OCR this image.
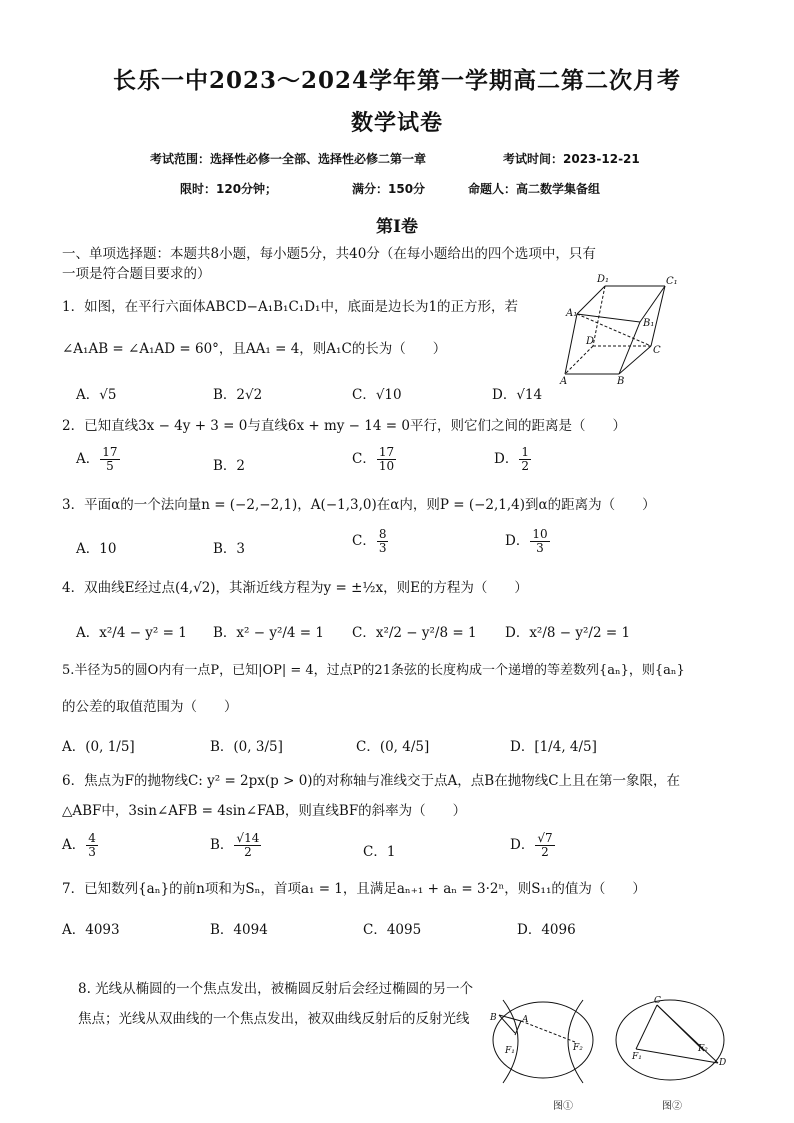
长乐一中2023～2024学年第一学期高二第二次月考
数学试卷
考试范围：选择性必修一全部、选择性必修二第一章	考试时间：2023-12-21
限时：120分钟；	满分：150分	命题人：高二数学集备组
第Ⅰ卷
一、单项选择题：本题共8小题，每小题5分，共40分（在每小题给出的四个选项中，只有
一项是符合题目要求的）
1．如图，在平行六面体ABCD−A₁B₁C₁D₁中，底面是边长为1的正方形，若
∠A₁AB = ∠A₁AD = 60°，且AA₁ = 4，则A₁C的长为（　　）
A．√5	B．2√2	C．√10	D．√14
D₁	C₁
A₁
B₁
D
C
A	B
2．已知直线3x − 4y + 3 = 0与直线6x + my − 14 = 0平行，则它们之间的距离是（　　）
A． $\frac{17}{5}$	B．2	C． $\frac{17}{10}$	D． $\frac{1}{2}$
3．平面α的一个法向量n = (−2,−2,1)，A(−1,3,0)在α内，则P = (−2,1,4)到α的距离为（　　）
A．10	B．3	C． $\frac{8}{3}$	D． $\frac{10}{3}$
4．双曲线E经过点(4,√2)，其渐近线方程为y = ±½x，则E的方程为（　　）
A．x²/4 − y² = 1 B．x² − y²/4 = 1 C．x²/2 − y²/8 = 1 D．x²/8 − y²/2 = 1
5.半径为5的圆O内有一点P，已知|OP| = 4，过点P的21条弦的长度构成一个递增的等差数列{aₙ}，则{aₙ}
的公差的取值范围为（　　）
A．(0, 1/5]	B．(0, 3/5]	C．(0, 4/5]	D．[1/4, 4/5]
6．焦点为F的抛物线C: y² = 2px(p > 0)的对称轴与准线交于点A，点B在抛物线C上且在第一象限，在
△ABF中，3sin∠AFB = 4sin∠FAB，则直线BF的斜率为（　　）
A． $\frac{4}{3}$	B． $\frac{√14}{2}$	C．1	D． $\frac{√7}{2}$
7．已知数列{aₙ}的前n项和为Sₙ，首项a₁ = 1，且满足aₙ₊₁ + aₙ = 3·2ⁿ，则S₁₁的值为（　　）
A．4093	B．4094	C．4095	D．4096
8. 光线从椭圆的一个焦点发出，被椭圆反射后会经过椭圆的另一个
焦点；光线从双曲线的一个焦点发出，被双曲线反射后的反射光线 B	A
F₁	F₂
图①
C
F₁
F₂
D
图②
